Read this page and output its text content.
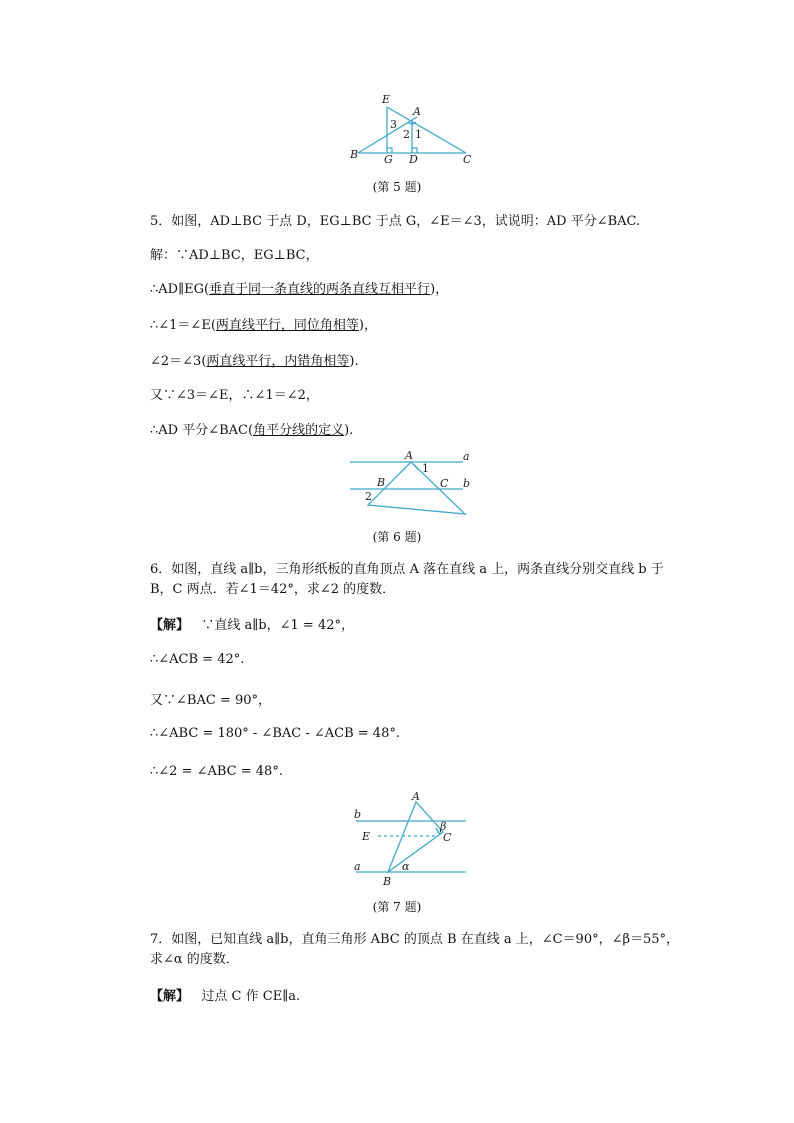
E
A
B G D	C
3
2 1
(第 5 题)
5．如图，AD⊥BC 于点 D，EG⊥BC 于点 G，∠E＝∠3，试说明：AD 平分∠BAC.
解：∵AD⊥BC，EG⊥BC，
∴AD∥EG(垂直于同一条直线的两条直线互相平行)，
∴∠1＝∠E(两直线平行，同位角相等)，
∠2＝∠3(两直线平行，内错角相等).
又∵∠3＝∠E，∴∠1＝∠2，
∴AD 平分∠BAC(角平分线的定义).
A	a
1
B	C b
2
(第 6 题)
6．如图，直线 a∥b，三角形纸板的直角顶点 A 落在直线 a 上，两条直线分别交直线 b 于 B，C 两点．若∠1＝42°，求∠2 的度数．
【解】 ∵直线 a∥b，∠1 = 42°，
∴∠ACB = 42°.
又∵∠BAC = 90°，
∴∠ABC = 180° - ∠BAC - ∠ACB = 48°.
∴∠2 = ∠ABC = 48°.
A
b
E
β
C
a	α
B
(第 7 题)
7．如图，已知直线 a∥b，直角三角形 ABC 的顶点 B 在直线 a 上，∠C＝90°，∠β＝55°，求∠α 的度数．
【解】 过点 C 作 CE∥a.
